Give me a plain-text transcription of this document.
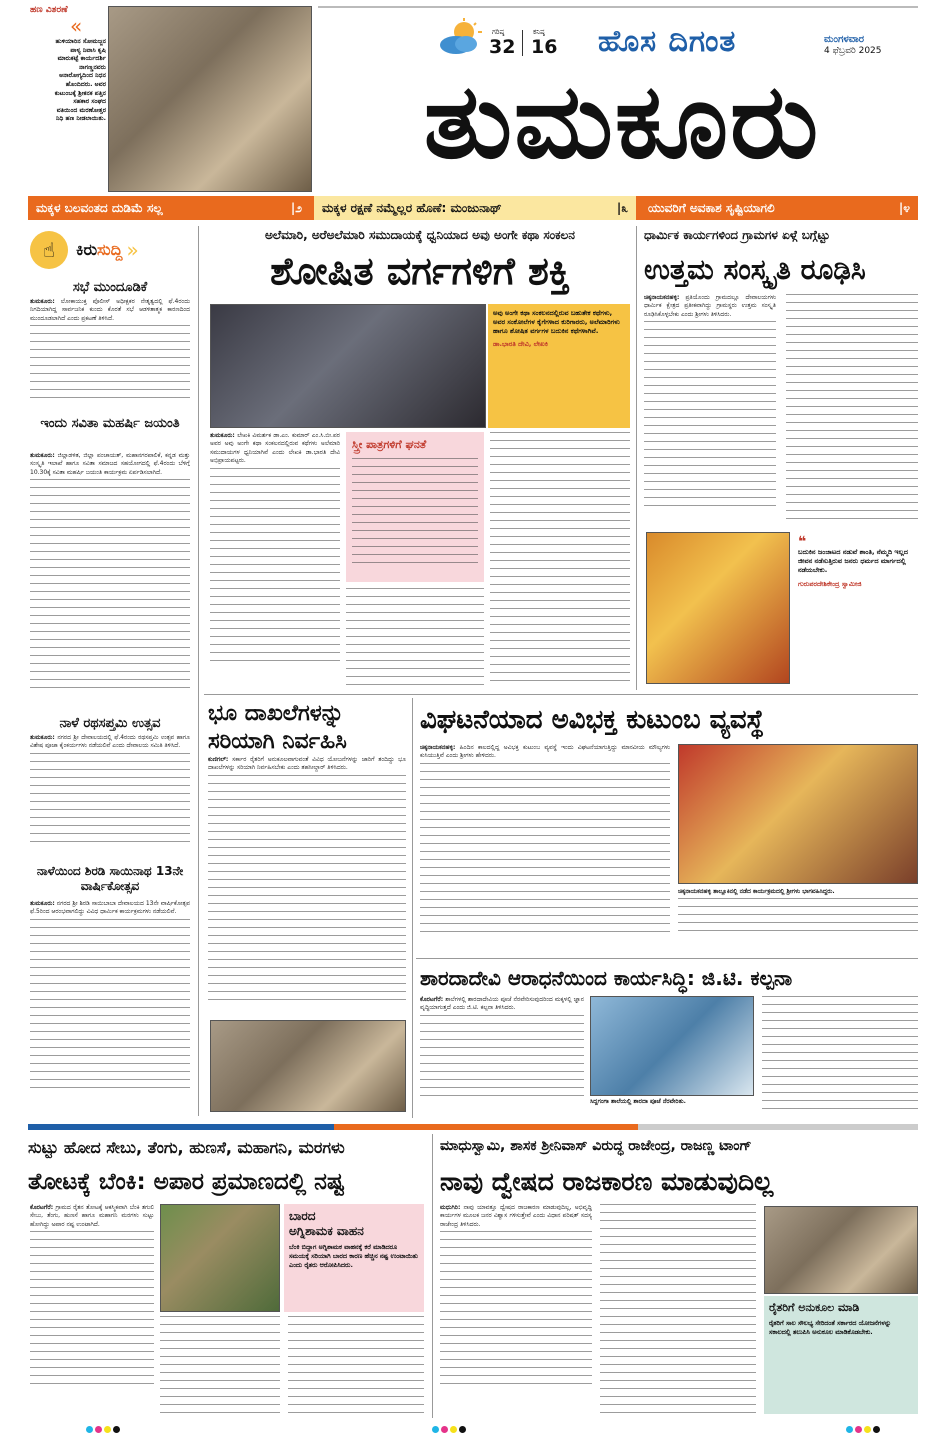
ಹಣ ವಿತರಣೆ
«
ಹುಳಿಯಾರಿನ ಸೋಮಜ್ಜನ ಪಾಳ್ಯ ನಿವಾಸಿ ಕೃಷಿ ಮಾರುಕಟ್ಟೆ ಕಾರ್ಯದರ್ಶಿ ನಾಗಣ್ಣನವರು ಅನಾರೋಗ್ಯದಿಂದ ನಿಧನ ಹೊಂದಿದರು. ಅವರ ಕುಟುಂಬಕ್ಕೆ ಶ್ರೀಕನಕ ಪತ್ತಿನ ಸಹಕಾರ ಸಂಘದ ವತಿಯಿಂದ ಮರಣೋತ್ತರ ನಿಧಿ ಹಣ ನೀಡಲಾಯಿತು.
ಗರಿಷ್ಠ
32
ಕನಿಷ್ಠ
16 ಹೊಸ ದಿಗಂತ	ಮಂಗಳವಾರ
4 ಫೆಬ್ರವರಿ 2025
ತುಮಕೂರು
ಮಕ್ಕಳ ಬಲವಂತದ ದುಡಿಮೆ ಸಲ್ಲ	|೨ ಮಕ್ಕಳ ರಕ್ಷಣೆ ನಮ್ಮೆಲ್ಲರ ಹೊಣೆ: ಮಂಜುನಾಥ್	|೩ ಯುವರಿಗೆ ಅವಕಾಶ ಸೃಷ್ಟಿಯಾಗಲಿ	|೪
☝	ಕಿರು ಸುದ್ದಿ »
ಸಭೆ ಮುಂದೂಡಿಕೆ
ತುಮಕೂರು: ಲೋಕಾಯುಕ್ತ ಪೊಲೀಸ್ ಅಧೀಕ್ಷಕರ ನೇತೃತ್ವದಲ್ಲಿ ಫೆ.4ರಂದು ನಿಗದಿಯಾಗಿದ್ದ ಸಾರ್ವಜನಿಕ ಕುಂದು ಕೊರತೆ ಸಭೆ ಆಡಳಿತಾತ್ಮಕ ಕಾರಣದಿಂದ ಮುಂದೂಡಲಾಗಿದೆ ಎಂದು ಪ್ರಕಟಣೆ ತಿಳಿಸಿದೆ.
ಇಂದು ಸವಿತಾ ಮಹರ್ಷಿ ಜಯಂತಿ
ತುಮಕೂರು: ಜಿಲ್ಲಾಡಳಿತ, ಜಿಲ್ಲಾ ಪಂಚಾಯತ್, ಮಹಾನಗರಪಾಲಿಕೆ, ಕನ್ನಡ ಮತ್ತು ಸಂಸ್ಕೃತಿ ಇಲಾಖೆ ಹಾಗೂ ಸವಿತಾ ಸಮಾಜದ ಸಹಯೋಗದಲ್ಲಿ ಫೆ.4ರಂದು ಬೆಳಿಗ್ಗೆ 10.30ಕ್ಕೆ ಸವಿತಾ ಮಹರ್ಷಿ ಜಯಂತಿ ಕಾರ್ಯಕ್ರಮ ಏರ್ಪಡಿಸಲಾಗಿದೆ.
ನಾಳೆ ರಥಸಪ್ತಮಿ ಉತ್ಸವ
ತುಮಕೂರು: ನಗರದ ಶ್ರೀ ದೇವಾಲಯದಲ್ಲಿ ಫೆ.4ರಂದು ರಥಸಪ್ತಮಿ ಉತ್ಸವ ಹಾಗೂ ವಿಶೇಷ ಪೂಜಾ ಕೈಂಕರ್ಯಗಳು ನಡೆಯಲಿವೆ ಎಂದು ದೇವಾಲಯ ಸಮಿತಿ ತಿಳಿಸಿದೆ.
ನಾಳೆಯಿಂದ ಶಿರಡಿ ಸಾಯಿನಾಥ 13ನೇ ವಾರ್ಷಿಕೋತ್ಸವ
ತುಮಕೂರು: ನಗರದ ಶ್ರೀ ಶಿರಡಿ ಸಾಯಿಬಾಬಾ ದೇವಾಲಯದ 13ನೇ ವಾರ್ಷಿಕೋತ್ಸವ ಫೆ.5ರಿಂದ ಆರಂಭವಾಗಲಿದ್ದು ವಿವಿಧ ಧಾರ್ಮಿಕ ಕಾರ್ಯಕ್ರಮಗಳು ನಡೆಯಲಿವೆ.
ಅಲೆಮಾರಿ, ಅರೆಅಲೆಮಾರಿ ಸಮುದಾಯಕ್ಕೆ ಧ್ವನಿಯಾದ ಅವು ಅಂಗೇ ಕಥಾ ಸಂಕಲನ
ಶೋಷಿತ ವರ್ಗಗಳಿಗೆ ಶಕ್ತಿ
ಅವು ಅಂಗೇ ಕಥಾ ಸಂಕಲನದಲ್ಲಿರುವ ಬಹುತೇಕ ಕಥೆಗಳು, ಅವರ ಸಂಕೋಲೆಗಳ ಕೈಗೆಗಳಾದ ಕುರಿಗಾರರು, ಅಲೆಮಾರಿಗಳು ಹಾಗೂ ಶೋಷಿತ ವರ್ಗಗಳ ಬದುಕಿನ ಕಥೆಗಳಾಗಿವೆ.
ಡಾ.ಭಾರತಿ ದೇವಿ, ಲೇಖಕಿ
ತುಮಕೂರು: ಲೇಖಕಿ ವಿಮರ್ಶಕ ಡಾ.ಎಂ. ಕುಮಾರ್ ಎಂ.ಸಿ.ಬೀ.ಪರ ಅವರ ಅವು ಅಂಗೇ ಕಥಾ ಸಂಕಲನದಲ್ಲಿರುವ ಕಥೆಗಳು ಅಲೆಮಾರಿ ಸಮುದಾಯಗಳ ಧ್ವನಿಯಾಗಿವೆ ಎಂದು ಲೇಖಕಿ ಡಾ.ಭಾರತಿ ದೇವಿ ಅಭಿಪ್ರಾಯಪಟ್ಟರು.
ಸ್ತ್ರೀ ಪಾತ್ರಗಳಿಗೆ ಘನತೆ
ಧಾರ್ಮಿಕ ಕಾರ್ಯಗಳಿಂದ ಗ್ರಾಮಗಳ ಏಳ್ಗೆ ಬಗ್ಗೆಟ್ಟು
ಉತ್ತಮ ಸಂಸ್ಕೃತಿ ರೂಢಿಸಿ
ಚಿಕ್ಕನಾಯಕನಹಳ್ಳಿ: ಪ್ರತಿಯೊಂದು ಗ್ರಾಮದಲ್ಲೂ ದೇವಾಲಯಗಳು ಧಾರ್ಮಿಕ ಕ್ಷೇತ್ರದ ಪ್ರತೀಕವಾಗಿದ್ದು ಗ್ರಾಮಸ್ಥರು ಉತ್ತಮ ಸಂಸ್ಕೃತಿ ರೂಢಿಸಿಕೊಳ್ಳಬೇಕು ಎಂದು ಶ್ರೀಗಳು ತಿಳಿಸಿದರು.
❝
ಬದುಕಿನ ಜಂಜಾಟದ ನಡುವೆ ಶಾಂತಿ, ನೆಮ್ಮದಿ ಇಲ್ಲದ ಜೀವನ ನಡೆಸುತ್ತಿರುವ ಜನರು ಧರ್ಮದ ಮಾರ್ಗದಲ್ಲಿ ನಡೆಯಬೇಕು.
ಗುರುಪರದೇಶಿಕೇಂದ್ರ ಸ್ವಾಮೀಜಿ
ಭೂ ದಾಖಲೆಗಳನ್ನು ಸರಿಯಾಗಿ ನಿರ್ವಹಿಸಿ
ಕುಣಿಗಲ್: ಸರ್ಕಾರ ರೈತರಿಗೆ ಅನುಕೂಲವಾಗುವಂತೆ ವಿವಿಧ ಯೋಜನೆಗಳನ್ನು ಜಾರಿಗೆ ತಂದಿದ್ದು ಭೂ ದಾಖಲೆಗಳನ್ನು ಸರಿಯಾಗಿ ನಿರ್ವಹಿಸಬೇಕು ಎಂದು ತಹಸೀಲ್ದಾರ್ ತಿಳಿಸಿದರು.
ವಿಘಟನೆಯಾದ ಅವಿಭಕ್ತ ಕುಟುಂಬ ವ್ಯವಸ್ಥೆ
ಚಿಕ್ಕನಾಯಕನಹಳ್ಳಿ: ಹಿಂದಿನ ಕಾಲದಲ್ಲಿದ್ದ ಅವಿಭಕ್ತ ಕುಟುಂಬ ವ್ಯವಸ್ಥೆ ಇಂದು ವಿಘಟನೆಯಾಗುತ್ತಿದ್ದು ಮಾನವೀಯ ಮೌಲ್ಯಗಳು ಕುಸಿಯುತ್ತಿವೆ ಎಂದು ಶ್ರೀಗಳು ಹೇಳಿದರು.
ಚಿಕ್ಕನಾಯಕನಹಳ್ಳಿ ತಾಲ್ಲೂಕಿನಲ್ಲಿ ನಡೆದ ಕಾರ್ಯಕ್ರಮದಲ್ಲಿ ಶ್ರೀಗಳು ಭಾಗವಹಿಸಿದ್ದರು.
ಶಾರದಾದೇವಿ ಆರಾಧನೆಯಿಂದ ಕಾರ್ಯಸಿದ್ಧಿ: ಜಿ.ಟಿ. ಕಲ್ಪನಾ
ಕೊರಟಗೆರೆ: ಶಾಲೆಗಳಲ್ಲಿ ಶಾರದಾದೇವಿಯ ಪೂಜೆ ನೆರವೇರಿಸುವುದರಿಂದ ಮಕ್ಕಳಲ್ಲಿ ಜ್ಞಾನ ವೃದ್ಧಿಯಾಗುತ್ತದೆ ಎಂದು ಜಿ.ಟಿ. ಕಲ್ಪನಾ ತಿಳಿಸಿದರು.
ಸಿದ್ದಗಂಗಾ ಶಾಲೆಯಲ್ಲಿ ಶಾರದಾ ಪೂಜೆ ನೆರವೇರಿತು.
ಸುಟ್ಟು ಹೋದ ಸೇಬು, ತೆಂಗು, ಹುಣಸೆ, ಮಹಾಗನಿ, ಮರಗಳು
ತೋಟಕ್ಕೆ ಬೆಂಕಿ: ಅಪಾರ ಪ್ರಮಾಣದಲ್ಲಿ ನಷ್ಟ
ಕೊರಟಗೆರೆ: ಗ್ರಾಮದ ರೈತನ ತೋಟಕ್ಕೆ ಆಕಸ್ಮಿಕವಾಗಿ ಬೆಂಕಿ ತಗುಲಿ ಸೇಬು, ತೆಂಗು, ಹುಣಸೆ ಹಾಗೂ ಮಹಾಗನಿ ಮರಗಳು ಸುಟ್ಟು ಹೋಗಿದ್ದು ಅಪಾರ ನಷ್ಟ ಉಂಟಾಗಿದೆ.
ಬಾರದ
ಅಗ್ನಿಶಾಮಕ ವಾಹನ
ಬೆಂಕಿ ಬಿದ್ದಾಗ ಅಗ್ನಿಶಾಮಕ ವಾಹನಕ್ಕೆ ಕರೆ ಮಾಡಿದರೂ ಸಮಯಕ್ಕೆ ಸರಿಯಾಗಿ ಬಾರದ ಕಾರಣ ಹೆಚ್ಚಿನ ನಷ್ಟ ಉಂಟಾಯಿತು ಎಂದು ರೈತರು ಆರೋಪಿಸಿದರು.
ಮಾಧುಸ್ವಾಮಿ, ಶಾಸಕ ಶ್ರೀನಿವಾಸ್ ವಿರುದ್ಧ ರಾಜೇಂದ್ರ, ರಾಜಣ್ಣ ಟಾಂಗ್
ನಾವು ದ್ವೇಷದ ರಾಜಕಾರಣ ಮಾಡುವುದಿಲ್ಲ
ಮಧುಗಿರಿ: ನಾವು ಯಾವತ್ತೂ ದ್ವೇಷದ ರಾಜಕಾರಣ ಮಾಡುವುದಿಲ್ಲ, ಅಭಿವೃದ್ಧಿ ಕಾರ್ಯಗಳ ಮೂಲಕ ಜನರ ವಿಶ್ವಾಸ ಗಳಿಸುತ್ತೇವೆ ಎಂದು ವಿಧಾನ ಪರಿಷತ್ ಸದಸ್ಯ ರಾಜೇಂದ್ರ ತಿಳಿಸಿದರು.
ರೈತರಿಗೆ ಅನುಕೂಲ ಮಾಡಿ
ರೈತರಿಗೆ ಸಾಲ ಸೌಲಭ್ಯ ಸೇರಿದಂತೆ ಸರ್ಕಾರದ ಯೋಜನೆಗಳನ್ನು ಸಕಾಲದಲ್ಲಿ ತಲುಪಿಸಿ ಅನುಕೂಲ ಮಾಡಿಕೊಡಬೇಕು.
